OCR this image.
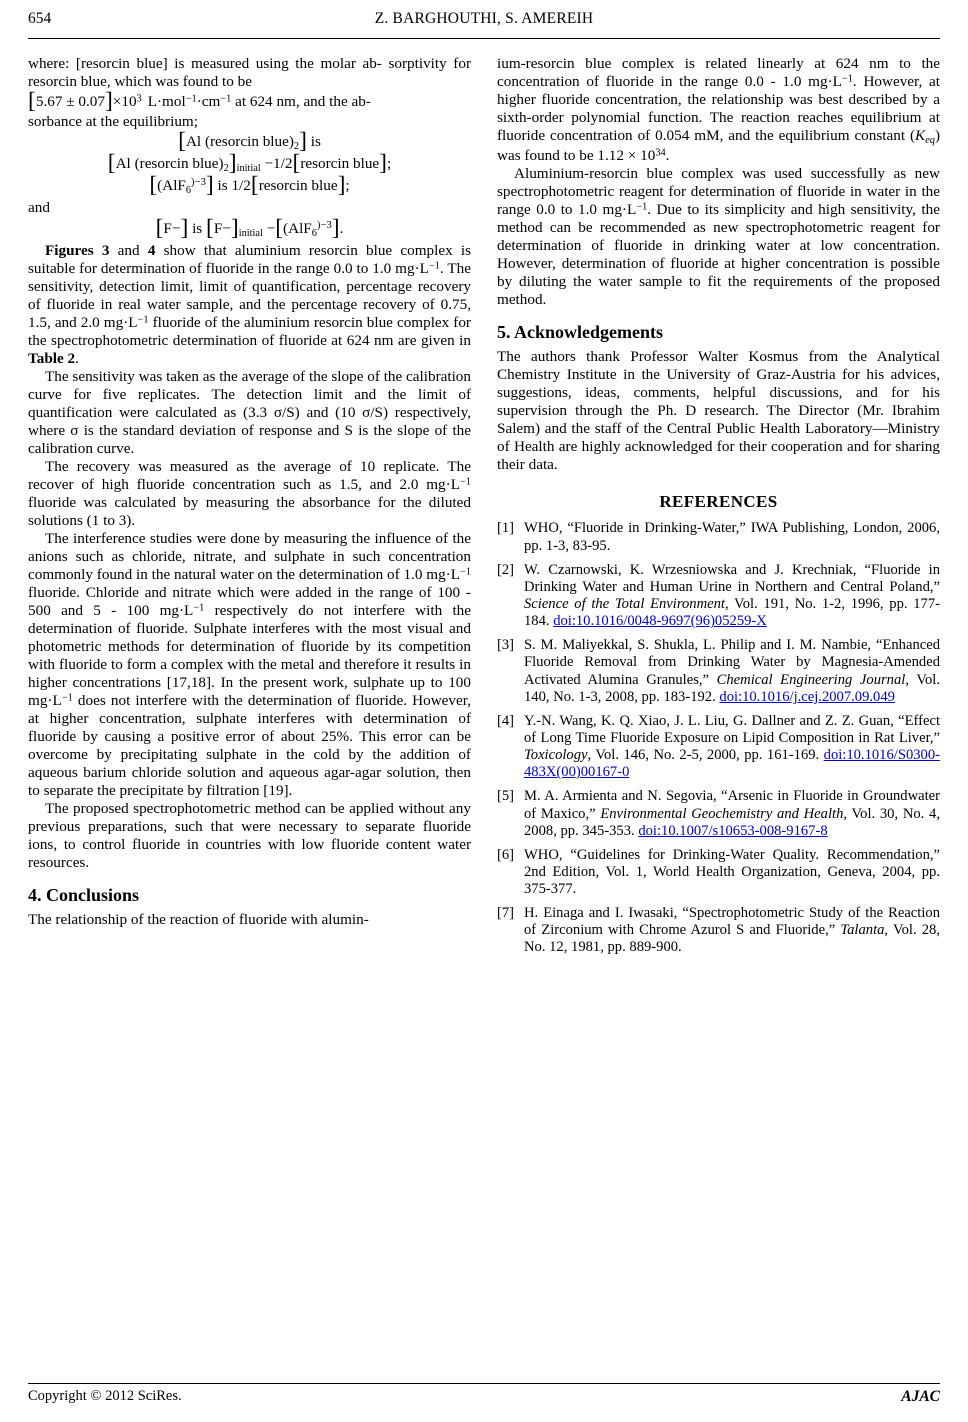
654	Z. BARGHOUTHI, S. AMEREIH

where: [resorcin blue] is measured using the molar ab- sorptivity for resorcin blue, which was found to be

$[5.67 \pm 0.07]\times 10^3$ $L\cdot mol^{-1}\cdot cm^{-1}$ at 624 nm, and the ab-

sorbance at the equilibrium;

[Al (resorcin $blue)_2$] is
[Al (resorcin $blue)_2]_{initial}$ −1/2[resorcin blue];
[(AlF$_6^{)-3}$] is 1/2[resorcin blue];

and

[F−] is $[F-]_{initial} -[(AlF_6^{)-3}]$.

Figures 3 and 4 show that aluminium resorcin blue complex is suitable for determination of fluoride in the range 0.0 to 1.0 $mg\cdot L^{-1}$. The sensitivity, detection limit, limit of quantification, percentage recovery of fluoride in real water sample, and the percentage recovery of 0.75, 1.5, and 2.0 $mg\cdot L^{-1}$ fluoride of the aluminium resorcin blue complex for the spectrophotometric determination of fluoride at 624 nm are given in Table 2.

The sensitivity was taken as the average of the slope of the calibration curve for five replicates. The detection limit and the limit of quantification were calculated as (3.3 σ/S) and (10 σ/S) respectively, where σ is the standard deviation of response and S is the slope of the calibration curve.

The recovery was measured as the average of 10 replicate. The recover of high fluoride concentration such as 1.5, and 2.0 $mg\cdot L^{-1}$ fluoride was calculated by measuring the absorbance for the diluted solutions (1 to 3).

The interference studies were done by measuring the influence of the anions such as chloride, nitrate, and sulphate in such concentration commonly found in the natural water on the determination of 1.0 $mg\cdot L^{-1}$ fluoride. Chloride and nitrate which were added in the range of 100 - 500 and 5 - 100 $mg\cdot L^{-1}$ respectively do not interfere with the determination of fluoride. Sulphate interferes with the most visual and photometric methods for determination of fluoride by its competition with fluoride to form a complex with the metal and therefore it results in higher concentrations [17,18]. In the present work, sulphate up to 100 $mg\cdot L^{-1}$ does not interfere with the determination of fluoride. However, at higher concentration, sulphate interferes with determination of fluoride by causing a positive error of about 25%. This error can be overcome by precipitating sulphate in the cold by the addition of aqueous barium chloride solution and aqueous agar-agar solution, then to separate the precipitate by filtration [19].

The proposed spectrophotometric method can be applied without any previous preparations, such that were necessary to separate fluoride ions, to control fluoride in countries with low fluoride content water resources.

4. Conclusions

The relationship of the reaction of fluoride with alumin-

ium-resorcin blue complex is related linearly at 624 nm to the concentration of fluoride in the range 0.0 - 1.0 $mg\cdot L^{-1}$. However, at higher fluoride concentration, the relationship was best described by a sixth-order polynomial function. The reaction reaches equilibrium at fluoride concentration of 0.054 mM, and the equilibrium constant $(K_{eq})$ was found to be $1.12 \times 10^{34}$.

Aluminium-resorcin blue complex was used successfully as new spectrophotometric reagent for determination of fluoride in water in the range 0.0 to 1.0 $mg\cdot L^{-1}$. Due to its simplicity and high sensitivity, the method can be recommended as new spectrophotometric reagent for determination of fluoride in drinking water at low concentration. However, determination of fluoride at higher concentration is possible by diluting the water sample to fit the requirements of the proposed method.

5. Acknowledgements

The authors thank Professor Walter Kosmus from the Analytical Chemistry Institute in the University of Graz-Austria for his advices, suggestions, ideas, comments, helpful discussions, and for his supervision through the Ph. D research. The Director (Mr. Ibrahim Salem) and the staff of the Central Public Health Laboratory—Ministry of Health are highly acknowledged for their cooperation and for sharing their data.

REFERENCES
[1] WHO, “Fluoride in Drinking-Water,” IWA Publishing, London, 2006, pp. 1-3, 83-95.
[2] W. Czarnowski, K. Wrzesniowska and J. Krechniak, “Fluoride in Drinking Water and Human Urine in Northern and Central Poland,” Science of the Total Environment, Vol. 191, No. 1-2, 1996, pp. 177-184. doi:10.1016/0048-9697(96)05259-X
[3] S. M. Maliyekkal, S. Shukla, L. Philip and I. M. Nambie, “Enhanced Fluoride Removal from Drinking Water by Magnesia-Amended Activated Alumina Granules,” Chemical Engineering Journal, Vol. 140, No. 1-3, 2008, pp. 183-192. doi:10.1016/j.cej.2007.09.049
[4] Y.-N. Wang, K. Q. Xiao, J. L. Liu, G. Dallner and Z. Z. Guan, “Effect of Long Time Fluoride Exposure on Lipid Composition in Rat Liver,” Toxicology, Vol. 146, No. 2-5, 2000, pp. 161-169. doi:10.1016/S0300-483X(00)00167-0
[5] M. A. Armienta and N. Segovia, “Arsenic in Fluoride in Groundwater of Maxico,” Environmental Geochemistry and Health, Vol. 30, No. 4, 2008, pp. 345-353. doi:10.1007/s10653-008-9167-8
[6] WHO, “Guidelines for Drinking-Water Quality. Recommendation,” 2nd Edition, Vol. 1, World Health Organization, Geneva, 2004, pp. 375-377.
[7] H. Einaga and I. Iwasaki, “Spectrophotometric Study of the Reaction of Zirconium with Chrome Azurol S and Fluoride,” Talanta, Vol. 28, No. 12, 1981, pp. 889-900.
Copyright © 2012 SciRes.	AJAC
